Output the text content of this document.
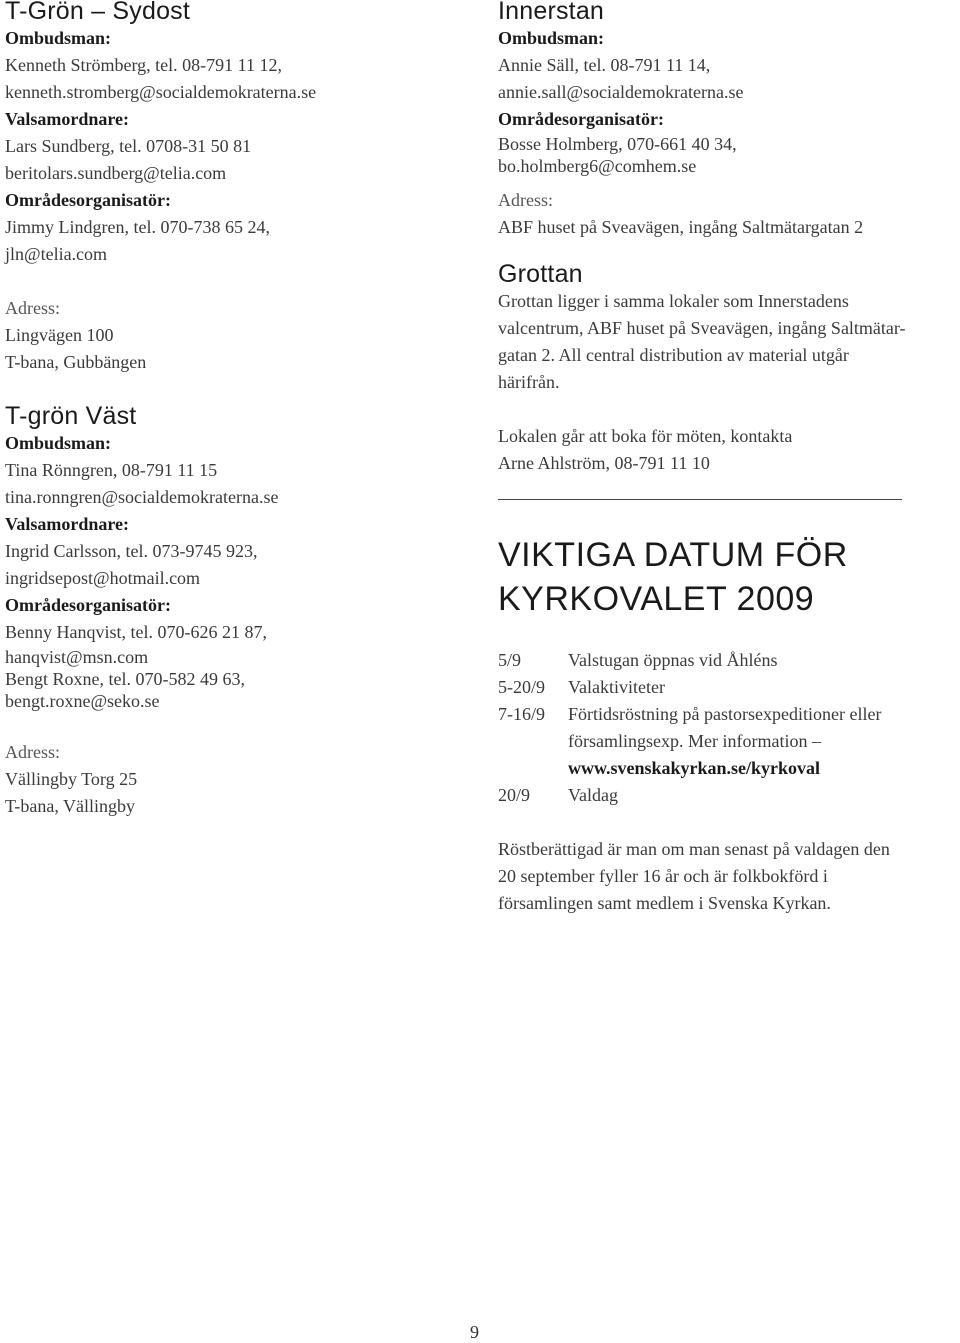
T-Grön – Sydost
Ombudsman:
Kenneth Strömberg, tel. 08-791 11 12,
kenneth.stromberg@socialdemokraterna.se
Valsamordnare:
Lars Sundberg, tel. 0708-31 50 81
beritolars.sundberg@telia.com
Områdesorganisatör:
Jimmy Lindgren, tel. 070-738 65 24,
jln@telia.com
Adress:
Lingvägen 100
T-bana, Gubbängen
T-grön Väst
Ombudsman:
Tina Rönngren, 08-791 11 15
tina.ronngren@socialdemokraterna.se
Valsamordnare:
Ingrid Carlsson, tel. 073-9745 923,
ingridsepost@hotmail.com
Områdesorganisatör:
Benny Hanqvist, tel. 070-626 21 87,
hanqvist@msn.com
Bengt Roxne, tel. 070-582 49 63,
bengt.roxne@seko.se
Adress:
Vällingby Torg 25
T-bana, Vällingby
Innerstan
Ombudsman:
Annie Säll, tel. 08-791 11 14,
annie.sall@socialdemokraterna.se
Områdesorganisatör:
Bosse Holmberg, 070-661 40 34,
bo.holmberg6@comhem.se
Adress:
ABF huset på Sveavägen, ingång Saltmätargatan 2
Grottan
Grottan ligger i samma lokaler som Innerstadens
valcentrum, ABF huset på Sveavägen, ingång Saltmätar-
gatan 2. All central distribution av material utgår
härifrån.
Lokalen går att boka för möten, kontakta
Arne Ahlström, 08-791 11 10
VIKTIGA DATUM FÖR
KYRKOVALET 2009
5/9	Valstugan öppnas vid Åhléns
5-20/9	Valaktiviteter
7-16/9	Förtidsröstning på pastorsexpeditioner eller
församlingsexp. Mer information –
www.svenskakyrkan.se/kyrkoval

20/9	Valdag
Röstberättigad är man om man senast på valdagen den
20 september fyller 16 år och är folkbokförd i
församlingen samt medlem i Svenska Kyrkan.
9
